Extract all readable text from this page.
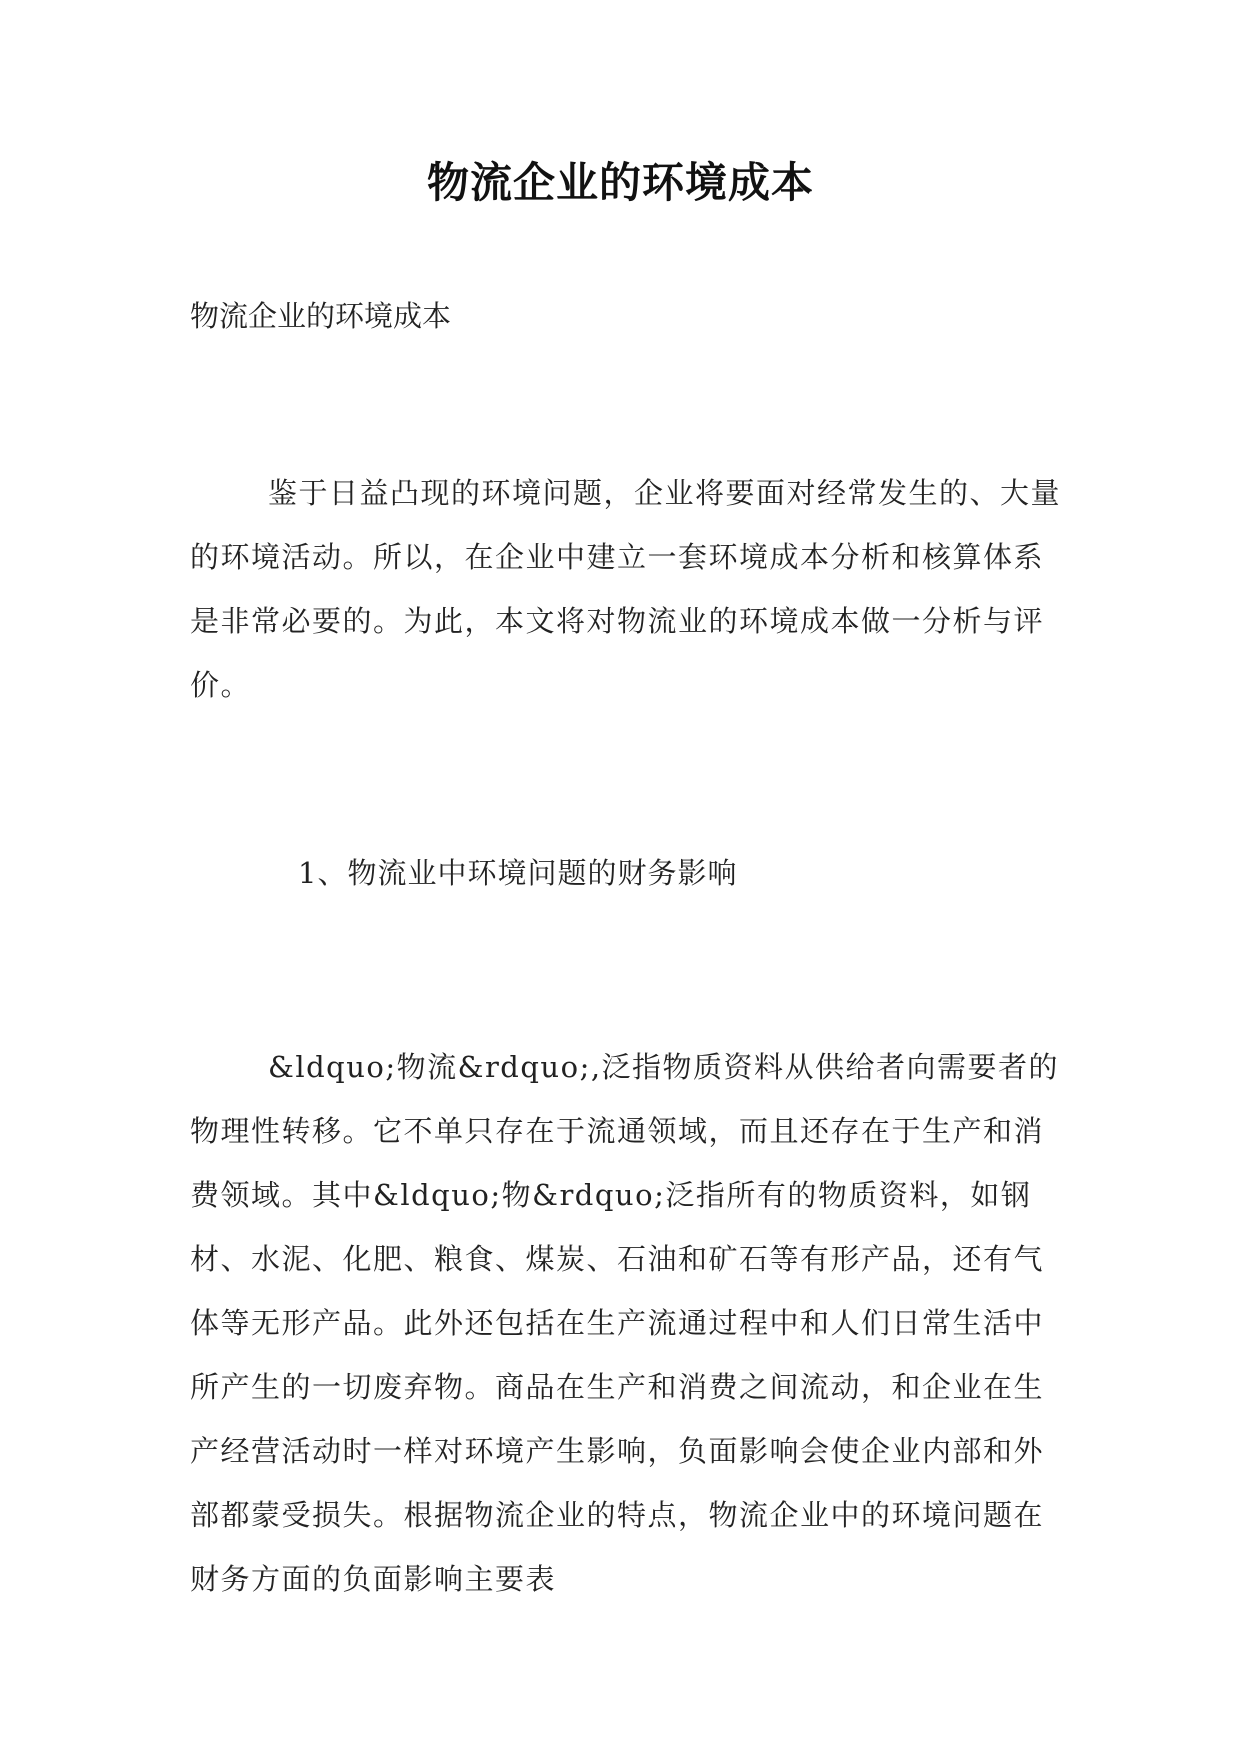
物流企业的环境成本
物流企业的环境成本

鉴于日益凸现的环境问题，企业将要面对经常发生的、大量的环境活动。所以，在企业中建立一套环境成本分析和核算体系是非常必要的。为此，本文将对物流业的环境成本做一分析与评价。

1、物流业中环境问题的财务影响

&ldquo;物流&rdquo;,泛指物质资料从供给者向需要者的物理性转移。它不单只存在于流通领域，而且还存在于生产和消费领域。其中&ldquo;物&rdquo;泛指所有的物质资料，如钢材、水泥、化肥、粮食、煤炭、石油和矿石等有形产品，还有气体等无形产品。此外还包括在生产流通过程中和人们日常生活中所产生的一切废弃物。商品在生产和消费之间流动，和企业在生产经营活动时一样对环境产生影响，负面影响会使企业内部和外部都蒙受损失。根据物流企业的特点，物流企业中的环境问题在财务方面的负面影响主要表
